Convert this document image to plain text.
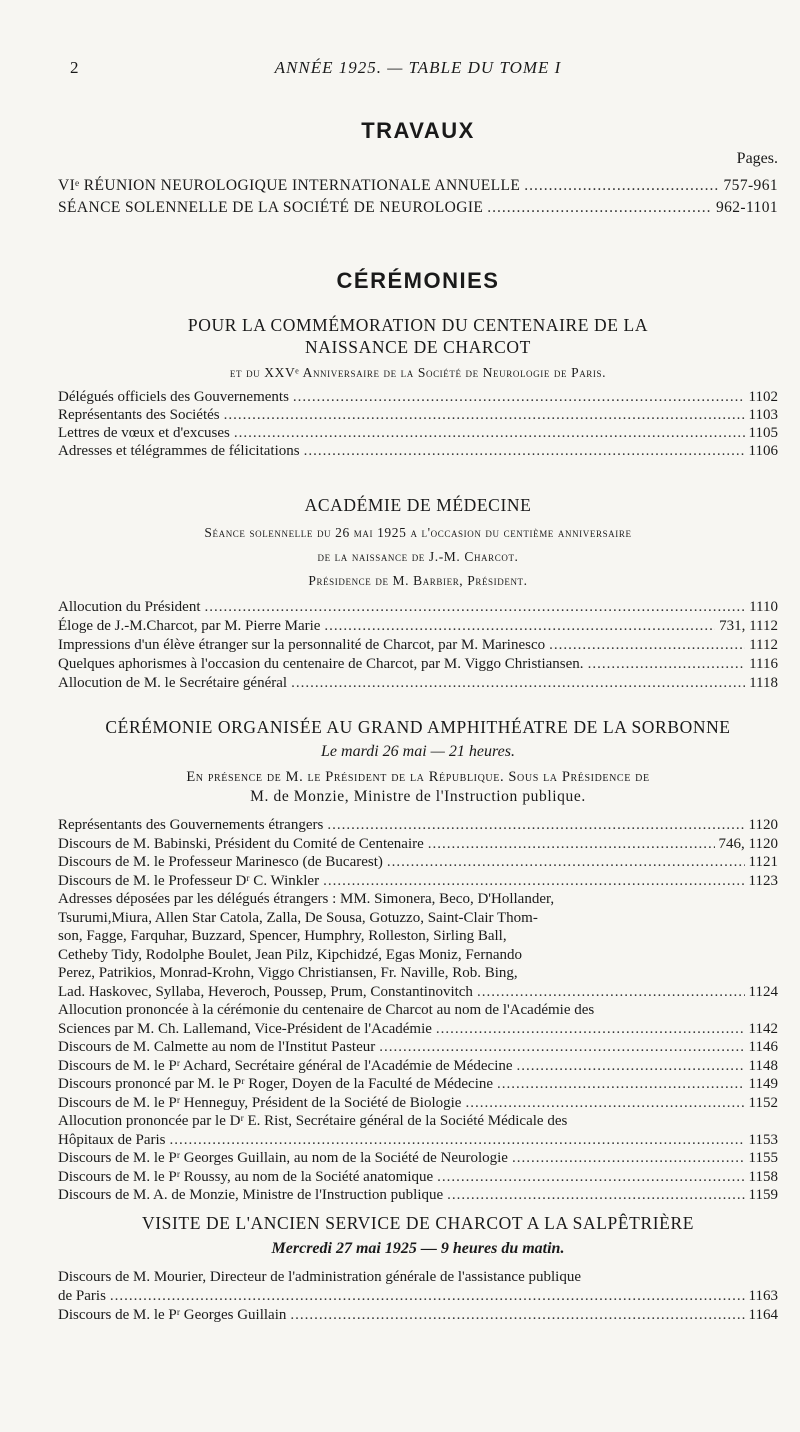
2	ANNÉE 1925. — TABLE DU TOME I
TRAVAUX
Pages.
VIᵉ RÉUNION NEUROLOGIQUE INTERNATIONALE ANNUELLE .....	757-961
SÉANCE SOLENNELLE DE LA SOCIÉTÉ DE NEUROLOGIE .....	962-1101
CÉRÉMONIES
POUR LA COMMÉMORATION DU CENTENAIRE DE LA
NAISSANCE DE CHARCOT
et du XXVᵉ Anniversaire de la Société de Neurologie de Paris.
Délégués officiels des Gouvernements .....	1102
Représentants des Sociétés .....	1103
Lettres de vœux et d'excuses .....	1105
Adresses et télégrammes de félicitations .....	1106
ACADÉMIE DE MÉDECINE
Séance solennelle du 26 mai 1925 a l'occasion du centième anniversaire
de la naissance de J.-M. Charcot.
Présidence de M. Barbier, Président.
Allocution du Président .....	1110
Éloge de J.-M.Charcot, par M. Pierre Marie .....	731, 1112
Impressions d'un élève étranger sur la personnalité de Charcot, par M. Marinesco .....	1112
Quelques aphorismes à l'occasion du centenaire de Charcot, par M. Viggo Christiansen. .....	1116
Allocution de M. le Secrétaire général .....	1118
CÉRÉMONIE ORGANISÉE AU GRAND AMPHITHÉATRE DE LA SORBONNE
Le mardi 26 mai — 21 heures.
En présence de M. le Président de la République. Sous la Présidence de
M. de Monzie, Ministre de l'Instruction publique.
Représentants des Gouvernements étrangers .....	1120
Discours de M. Babinski, Président du Comité de Centenaire .....	746, 1120
Discours de M. le Professeur Marinesco (de Bucarest) .....	1121
Discours de M. le Professeur Dʳ C. Winkler .....	1123
Adresses déposées par les délégués étrangers : MM. Simonera, Beco, D'Hollander,
Tsurumi,Miura, Allen Star Catola, Zalla, De Sousa, Gotuzzo, Saint-Clair Thom-
son, Fagge, Farquhar, Buzzard, Spencer, Humphry, Rolleston, Sirling Ball,
Cetheby Tidy, Rodolphe Boulet, Jean Pilz, Kipchidzé, Egas Moniz, Fernando
Perez, Patrikios, Monrad-Krohn, Viggo Christiansen, Fr. Naville, Rob. Bing,
Lad. Haskovec, Syllaba, Heveroch, Poussep, Prum, Constantinovitch .....	1124
Allocution prononcée à la cérémonie du centenaire de Charcot au nom de l'Académie des
Sciences par M. Ch. Lallemand, Vice-Président de l'Académie .....	1142
Discours de M. Calmette au nom de l'Institut Pasteur .....	1146
Discours de M. le Pʳ Achard, Secrétaire général de l'Académie de Médecine .....	1148
Discours prononcé par M. le Pʳ Roger, Doyen de la Faculté de Médecine .....	1149
Discours de M. le Pʳ Henneguy, Président de la Société de Biologie .....	1152
Allocution prononcée par le Dʳ E. Rist, Secrétaire général de la Société Médicale des
Hôpitaux de Paris .....	1153
Discours de M. le Pʳ Georges Guillain, au nom de la Société de Neurologie .....	1155
Discours de M. le Pʳ Roussy, au nom de la Société anatomique .....	1158
Discours de M. A. de Monzie, Ministre de l'Instruction publique .....	1159
VISITE DE L'ANCIEN SERVICE DE CHARCOT A LA SALPÊTRIÈRE
Mercredi 27 mai 1925 — 9 heures du matin.
Discours de M. Mourier, Directeur de l'administration générale de l'assistance publique
de Paris .....	1163
Discours de M. le Pʳ Georges Guillain .....	1164
